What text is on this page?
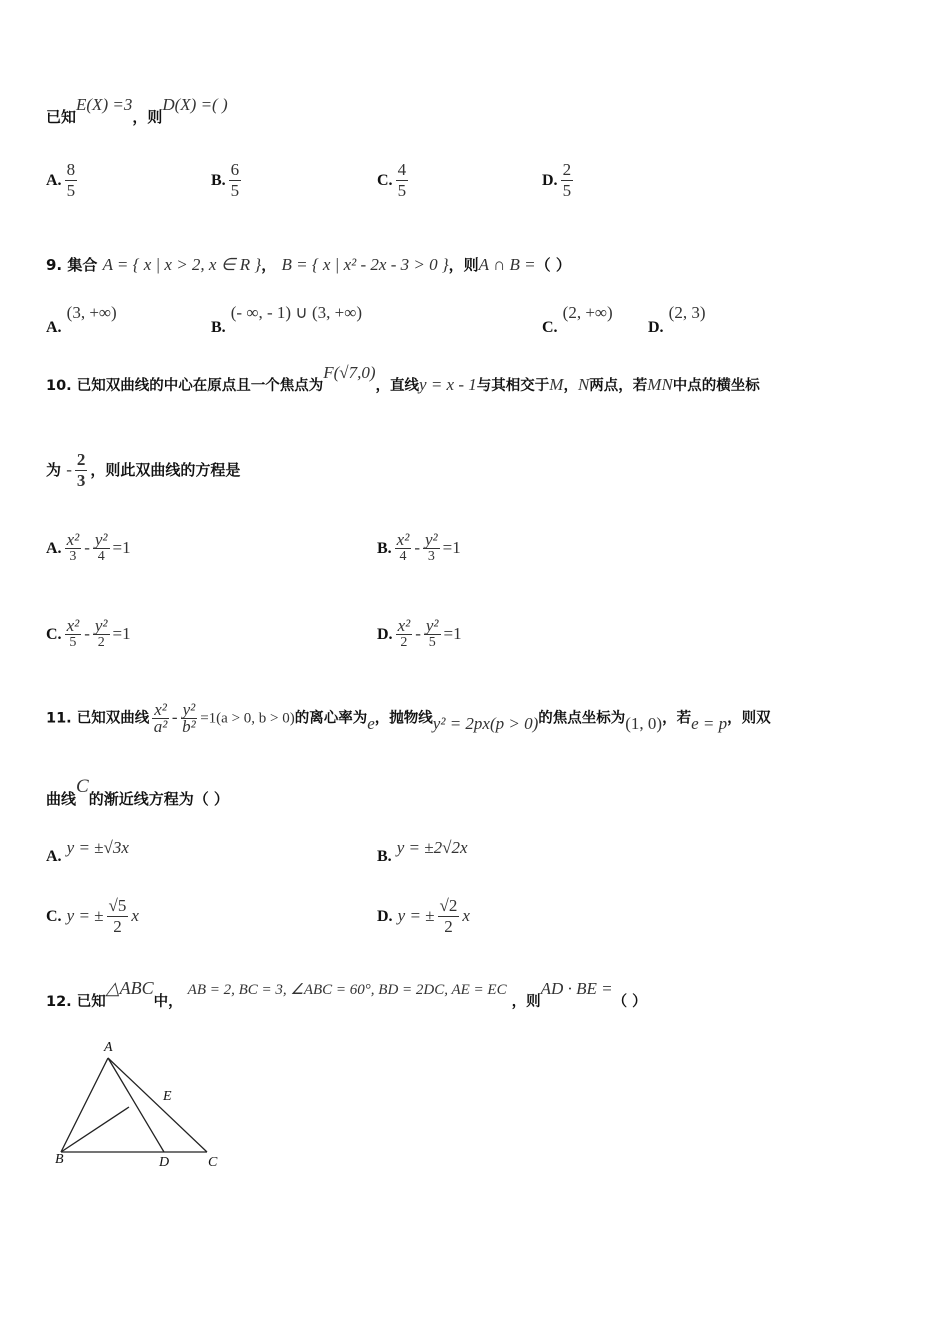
已知E(X) =3，则D(X) =( )
A. $\frac{8}{5}$	B. $\frac{6}{5}$	C. $\frac{4}{5}$	D. $\frac{2}{5}$
9. 集合 A = { x | x > 2, x ∈ R }， B = { x | x² - 2x - 3 > 0 }，则A ∩ B =（ ）
A. (3, +∞)
B. (- ∞, - 1) ∪ (3, +∞)
C. (2, +∞)
D. (2, 3)
10. 已知双曲线的中心在原点且一个焦点为F(√7,0)，直线y = x - 1与其相交于M，N两点，若MN中点的横坐标
为 - $\frac{2}{3}$ ，则此双曲线的方程是
A. $\frac{\text{x²}}{3} - \frac{\text{y²}}{4} =1$	B. $\frac{\text{x²}}{4} - \frac{\text{y²}}{3} =1$
C. $\frac{\text{x²}}{5} - \frac{\text{y²}}{2} =1$	D. $\frac{\text{x²}}{2} - \frac{\text{y²}}{5} =1$
11. 已知双曲线 $\frac{\text{x²}}{\text{a²}} - \frac{\text{y²}}{\text{b²}} =1(a > 0$, b > 0)的离心率为e，抛物线y² = 2px(p > 0)的焦点坐标为(1, 0)，若e = p，则双
曲线C的渐近线方程为（ ）
A. y = ±√3x	B. y = ±2√2x
C. y = ± $\frac{√5}{2}$ x	D. y = ± $\frac{√2}{2}$ x
12. 已知△ABC中， AB = 2, BC = 3, ∠ABC = 60°, BD = 2DC, AE = EC ，则AD · BE =（ ）
A
E
B	D	C
